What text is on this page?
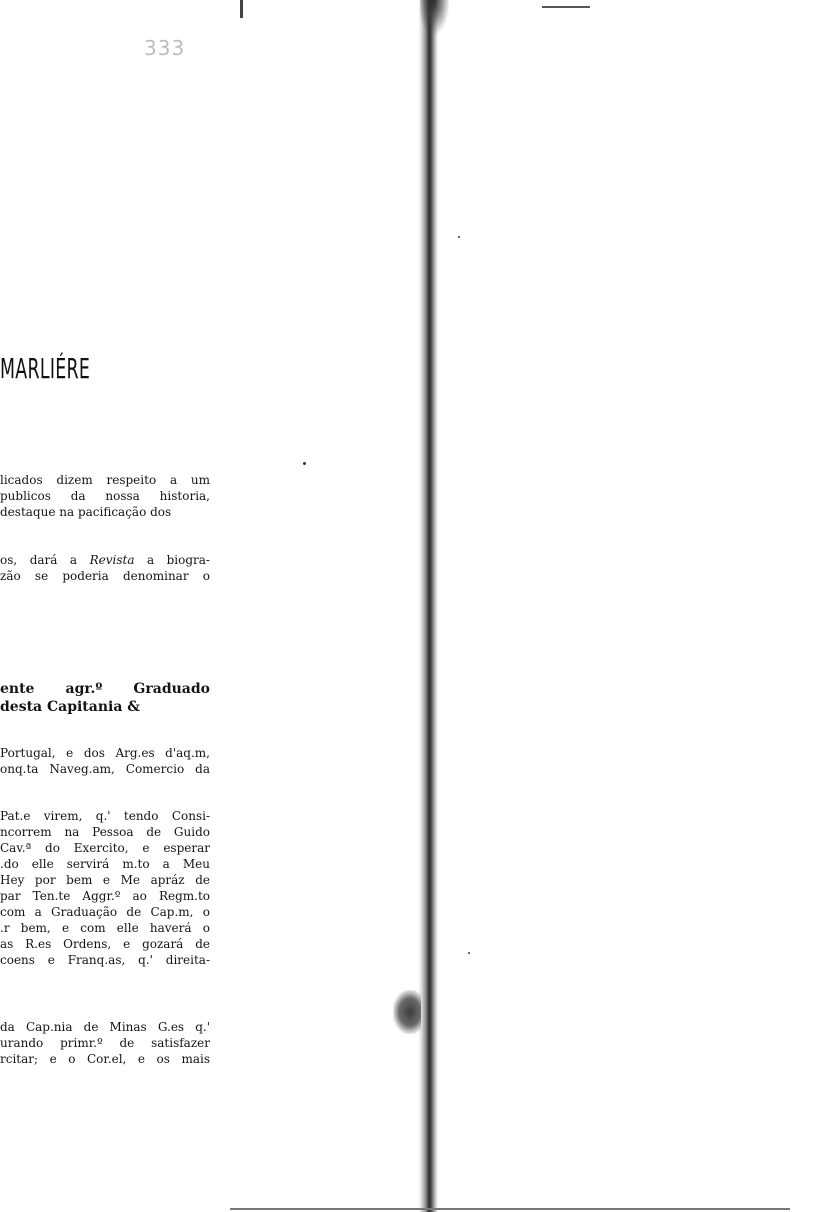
333
MARLIÉRE
licados dizem respeito a um
publicos da nossa historia,
destaque na pacificação dos
os, dará a Revista a biogra-
zão se poderia denominar o
ente agr.º Graduado
desta Capitania &
Portugal, e dos Arg.es d'aq.m,
onq.ta Naveg.am, Comercio da
Pat.e virem, q.' tendo Consi-
ncorrem na Pessoa de Guido
Cav.ª do Exercito, e esperar
.do elle servirá m.to a Meu
Hey por bem e Me apráz de
par Ten.te Aggr.º ao Regm.to
com a Graduação de Cap.m, o
.r bem, e com elle haverá o
as R.es Ordens, e gozará de
coens e Franq.as, q.' direita-
da Cap.nia de Minas G.es q.'
urando primr.º de satisfazer
rcitar; e o Cor.el, e os mais
